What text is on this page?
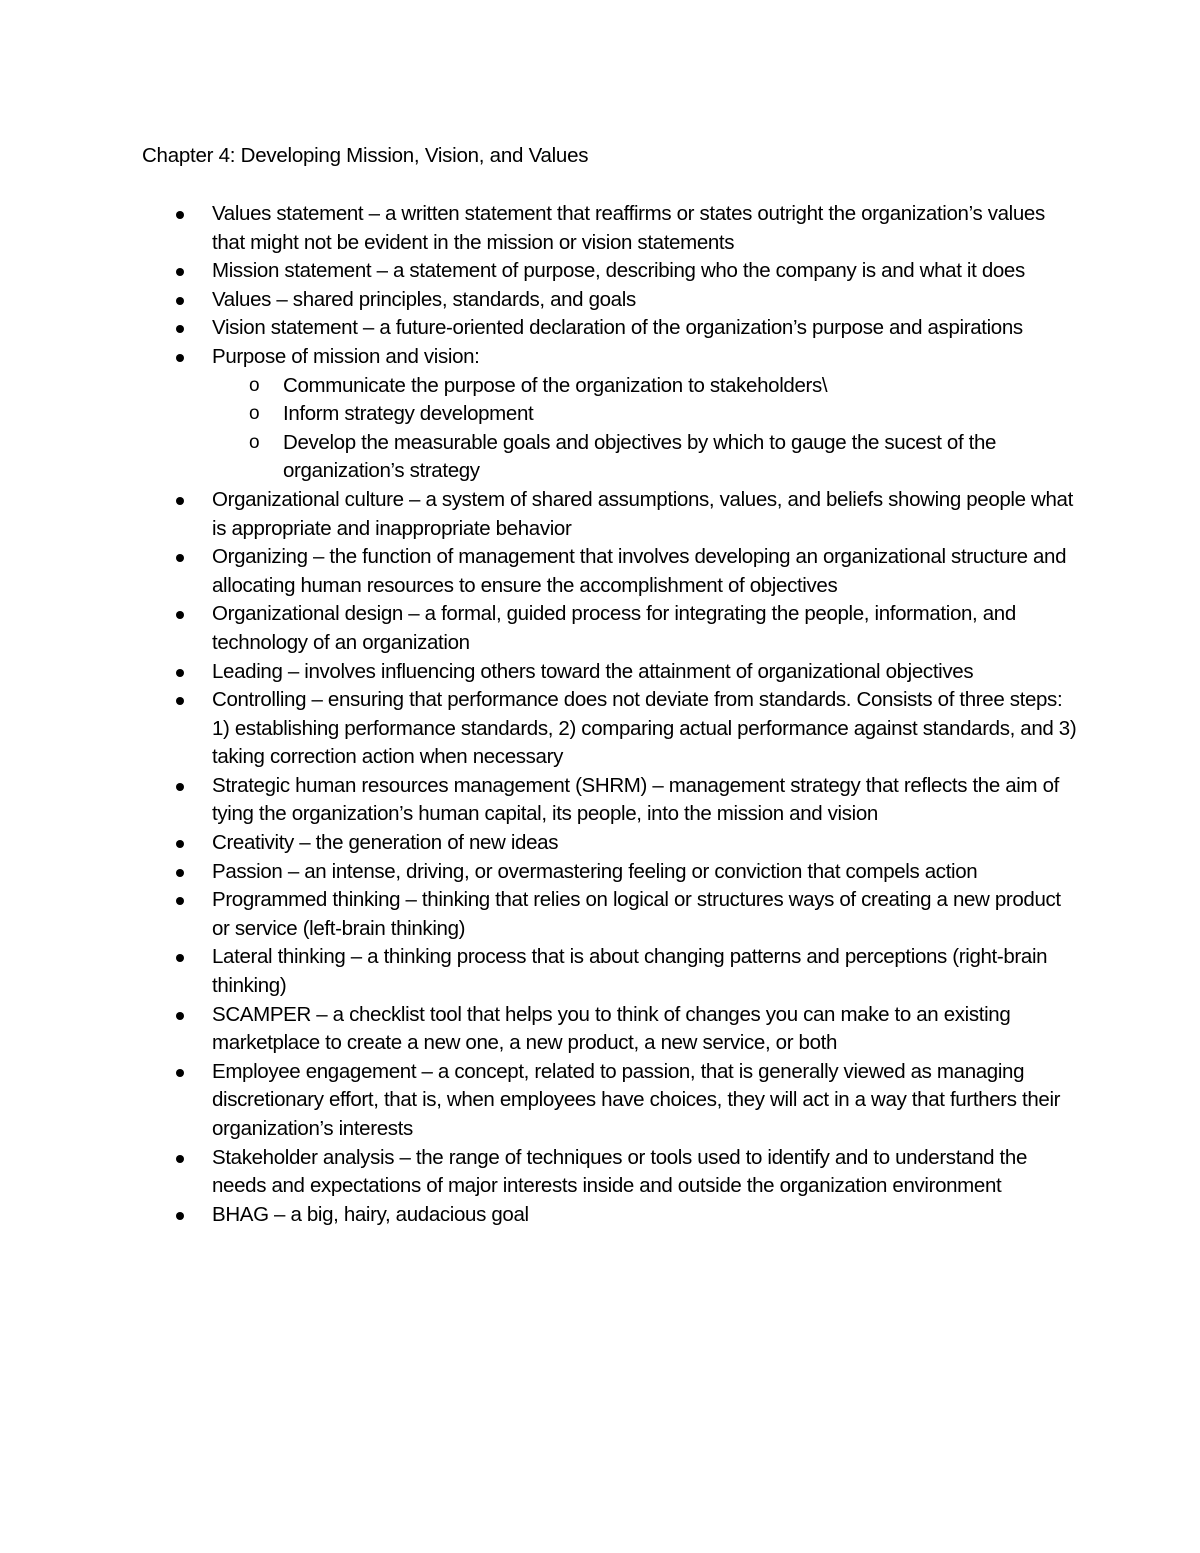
Chapter 4: Developing Mission, Vision, and Values
Values statement – a written statement that reaffirms or states outright the organization’s values that might not be evident in the mission or vision statements
Mission statement – a statement of purpose, describing who the company is and what it does
Values – shared principles, standards, and goals
Vision statement – a future-oriented declaration of the organization’s purpose and aspirations
Purpose of mission and vision:
o Communicate the purpose of the organization to stakeholders\
o Inform strategy development
o Develop the measurable goals and objectives by which to gauge the sucest of the organization’s strategy
Organizational culture – a system of shared assumptions, values, and beliefs showing people what is appropriate and inappropriate behavior
Organizing – the function of management that involves developing an organizational structure and allocating human resources to ensure the accomplishment of objectives
Organizational design – a formal, guided process for integrating the people, information, and technology of an organization
Leading – involves influencing others toward the attainment of organizational objectives
Controlling – ensuring that performance does not deviate from standards. Consists of three steps: 1) establishing performance standards, 2) comparing actual performance against standards, and 3) taking correction action when necessary
Strategic human resources management (SHRM) – management strategy that reflects the aim of tying the organization’s human capital, its people, into the mission and vision
Creativity – the generation of new ideas
Passion – an intense, driving, or overmastering feeling or conviction that compels action
Programmed thinking – thinking that relies on logical or structures ways of creating a new product or service (left-brain thinking)
Lateral thinking – a thinking process that is about changing patterns and perceptions (right-brain thinking)
SCAMPER – a checklist tool that helps you to think of changes you can make to an existing marketplace to create a new one, a new product, a new service, or both
Employee engagement – a concept, related to passion, that is generally viewed as managing discretionary effort, that is, when employees have choices, they will act in a way that furthers their organization’s interests
Stakeholder analysis – the range of techniques or tools used to identify and to understand the needs and expectations of major interests inside and outside the organization environment
BHAG – a big, hairy, audacious goal
